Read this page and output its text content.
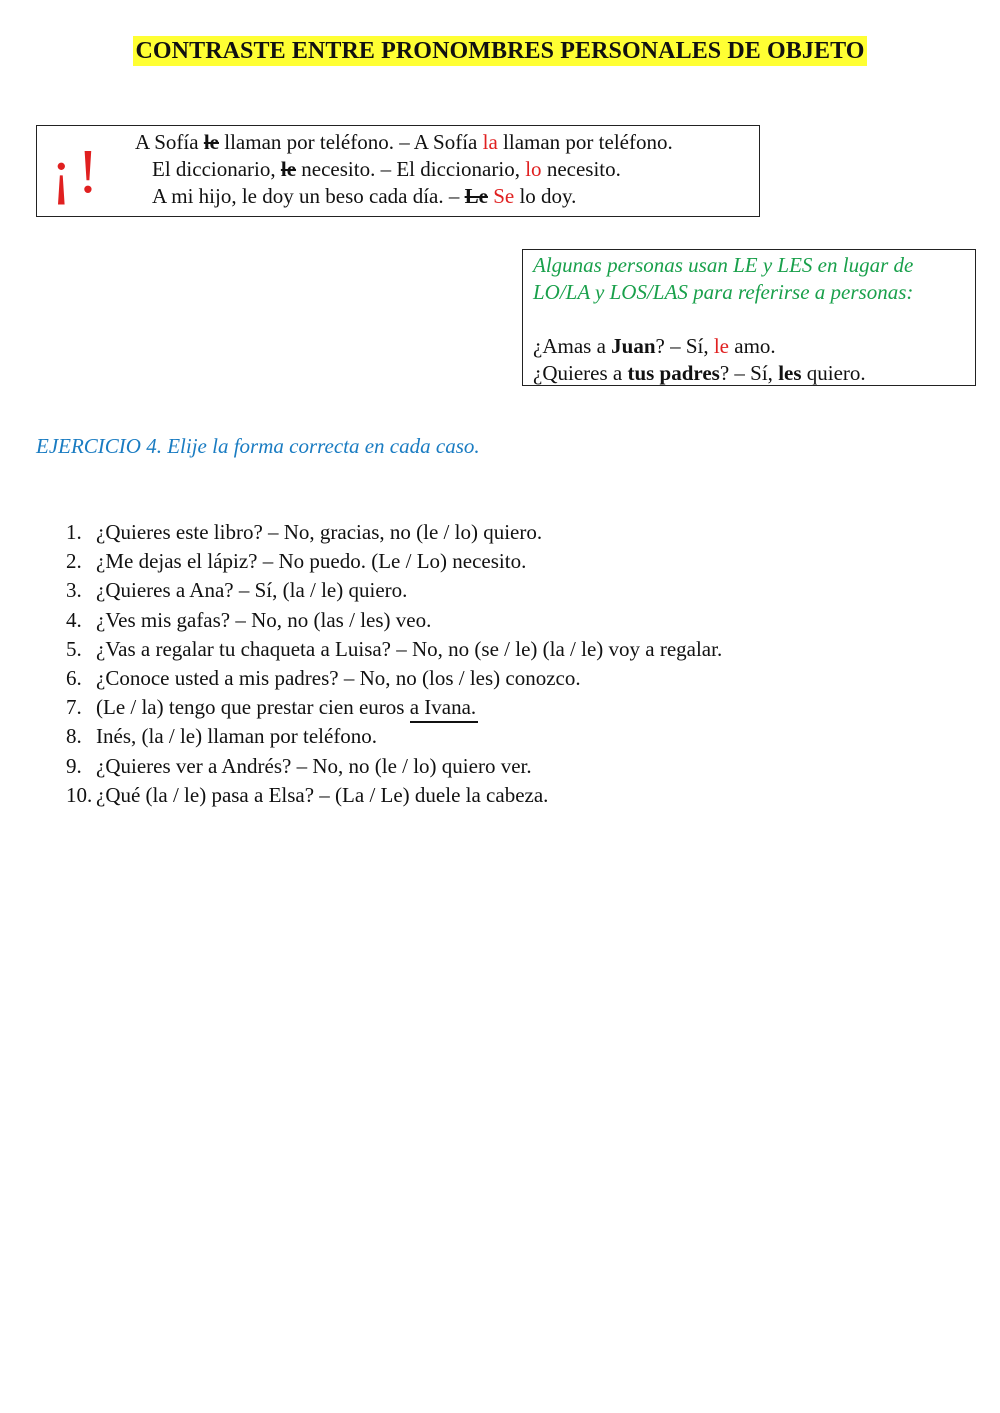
CONTRASTE ENTRE PRONOMBRES PERSONALES DE OBJETO
¡! A Sofía le llaman por teléfono. – A Sofía la llaman por teléfono.
El diccionario, le necesito. – El diccionario, lo necesito.
A mi hijo, le doy un beso cada día. – Le Se lo doy.
Algunas personas usan LE y LES en lugar de
LO/LA y LOS/LAS para referirse a personas:
¿Amas a Juan? – Sí, le amo.
¿Quieres a tus padres? – Sí, les quiero.
EJERCICIO 4. Elije la forma correcta en cada caso.
1. ¿Quieres este libro? – No, gracias, no (le / lo) quiero.
2. ¿Me dejas el lápiz? – No puedo. (Le / Lo) necesito.
3. ¿Quieres a Ana? – Sí, (la / le) quiero.
4. ¿Ves mis gafas? – No, no (las / les) veo.
5. ¿Vas a regalar tu chaqueta a Luisa? – No, no (se / le) (la / le) voy a regalar.
6. ¿Conoce usted a mis padres? – No, no (los / les) conozco.
7. (Le / la) tengo que prestar cien euros a Ivana.
8. Inés, (la / le) llaman por teléfono.
9. ¿Quieres ver a Andrés? – No, no (le / lo) quiero ver.
10. ¿Qué (la / le) pasa a Elsa? – (La / Le) duele la cabeza.
